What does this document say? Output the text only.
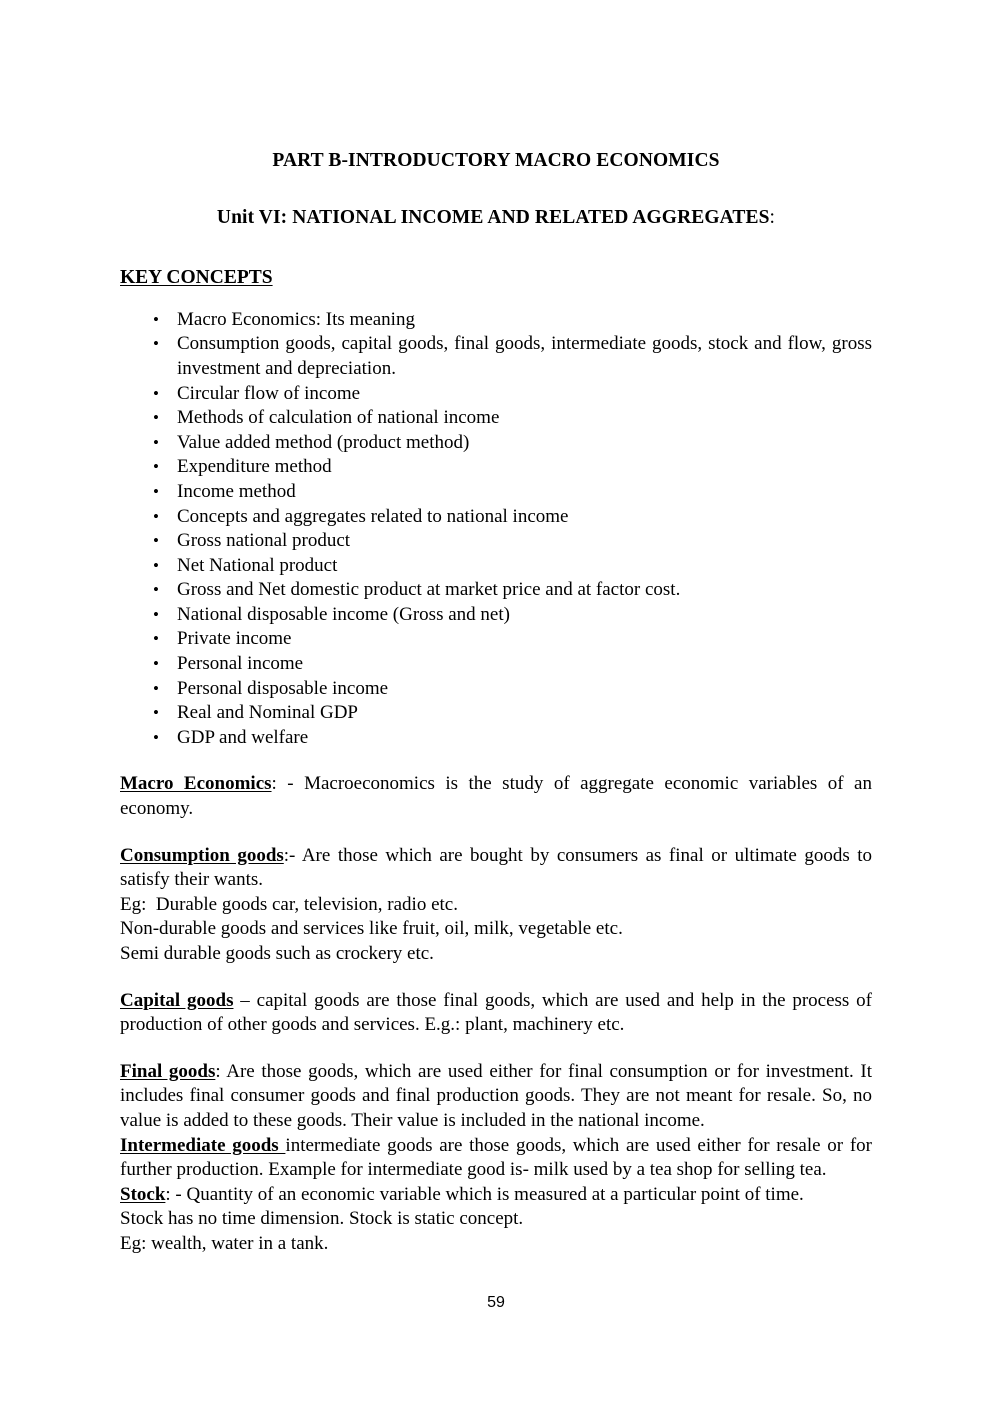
PART B-INTRODUCTORY MACRO ECONOMICS
Unit VI: NATIONAL INCOME AND RELATED AGGREGATES:
KEY CONCEPTS
• Macro Economics: Its meaning
• Consumption goods, capital goods, final goods, intermediate goods, stock and flow, gross investment and depreciation.
• Circular flow of income
• Methods of calculation of national income
• Value added method (product method)
• Expenditure method
• Income method
• Concepts and aggregates related to national income
• Gross national product
• Net National product
• Gross and Net domestic product at market price and at factor cost.
• National disposable income (Gross and net)
• Private income
• Personal income
• Personal disposable income
• Real and Nominal GDP
• GDP and welfare

Macro Economics: - Macroeconomics is the study of aggregate economic variables of an economy.

Consumption goods:- Are those which are bought by consumers as final or ultimate goods to satisfy their wants.

Eg:  Durable goods car, television, radio etc.

Non-durable goods and services like fruit, oil, milk, vegetable etc.

Semi durable goods such as crockery etc.

Capital goods – capital goods are those final goods, which are used and help in the process of production of other goods and services. E.g.: plant, machinery etc.

Final goods: Are those goods, which are used either for final consumption or for investment. It includes final consumer goods and final production goods. They are not meant for resale. So, no value is added to these goods. Their value is included in the national income.

Intermediate goods intermediate goods are those goods, which are used either for resale or for further production. Example for intermediate good is- milk used by a tea shop for selling tea.

Stock: - Quantity of an economic variable which is measured at a particular point of time.

Stock has no time dimension. Stock is static concept.

Eg: wealth, water in a tank.

59
